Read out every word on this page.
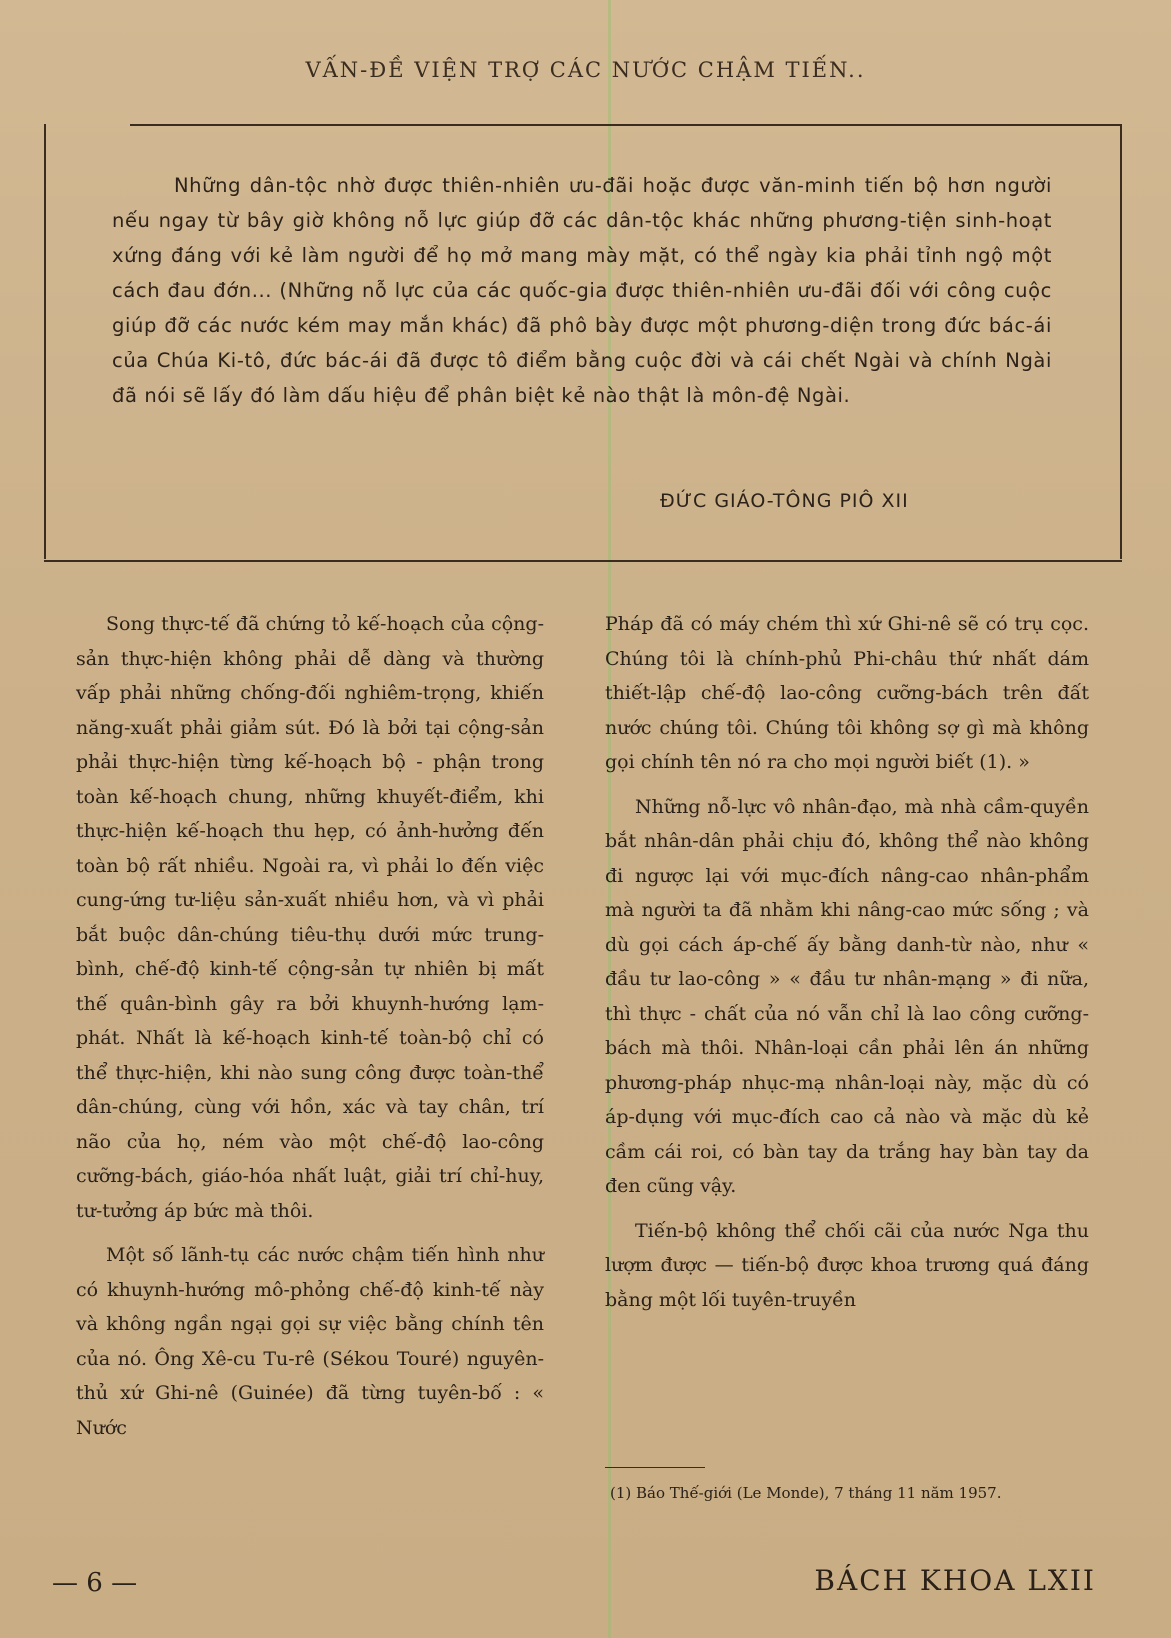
VẤN-ĐỀ VIỆN TRỢ CÁC NƯỚC CHẬM TIẾN..
Những dân-tộc nhờ được thiên-nhiên ưu-đãi hoặc được văn-minh tiến bộ hơn người nếu ngay từ bây giờ không nỗ lực giúp đỡ các dân-tộc khác những phương-tiện sinh-hoạt xứng đáng với kẻ làm người để họ mở mang mày mặt, có thể ngày kia phải tỉnh ngộ một cách đau đớn... (Những nỗ lực của các quốc-gia được thiên-nhiên ưu-đãi đối với công cuộc giúp đỡ các nước kém may mắn khác) đã phô bày được một phương-diện trong đức bác-ái của Chúa Ki-tô, đức bác-ái đã được tô điểm bằng cuộc đời và cái chết Ngài và chính Ngài đã nói sẽ lấy đó làm dấu hiệu để phân biệt kẻ nào thật là môn-đệ Ngài.
ĐỨC GIÁO-TÔNG PIÔ XII

Song thực-tế đã chứng tỏ kế-hoạch của cộng-sản thực-hiện không phải dễ dàng và thường vấp phải những chống-đối nghiêm-trọng, khiến năng-xuất phải giảm sút. Đó là bởi tại cộng-sản phải thực-hiện từng kế-hoạch bộ - phận trong toàn kế-hoạch chung, những khuyết-điểm, khi thực-hiện kế-hoạch thu hẹp, có ảnh-hưởng đến toàn bộ rất nhiều. Ngoài ra, vì phải lo đến việc cung-ứng tư-liệu sản-xuất nhiều hơn, và vì phải bắt buộc dân-chúng tiêu-thụ dưới mức trung-bình, chế-độ kinh-tế cộng-sản tự nhiên bị mất thế quân-bình gây ra bởi khuynh-hướng lạm-phát. Nhất là kế-hoạch kinh-tế toàn-bộ chỉ có thể thực-hiện, khi nào sung công được toàn-thể dân-chúng, cùng với hồn, xác và tay chân, trí não của họ, ném vào một chế-độ lao-công cưỡng-bách, giáo-hóa nhất luật, giải trí chỉ-huy, tư-tưởng áp bức mà thôi.

Một số lãnh-tụ các nước chậm tiến hình như có khuynh-hướng mô-phỏng chế-độ kinh-tế này và không ngần ngại gọi sự việc bằng chính tên của nó. Ông Xê-cu Tu-rê (Sékou Touré) nguyên-thủ xứ Ghi-nê (Guinée) đã từng tuyên-bố : « Nước

Pháp đã có máy chém thì xứ Ghi-nê sẽ có trụ cọc. Chúng tôi là chính-phủ Phi-châu thứ nhất dám thiết-lập chế-độ lao-công cưỡng-bách trên đất nước chúng tôi. Chúng tôi không sợ gì mà không gọi chính tên nó ra cho mọi người biết (1). »

Những nỗ-lực vô nhân-đạo, mà nhà cầm-quyền bắt nhân-dân phải chịu đó, không thể nào không đi ngược lại với mục-đích nâng-cao nhân-phẩm mà người ta đã nhằm khi nâng-cao mức sống ; và dù gọi cách áp-chế ấy bằng danh-từ nào, như « đầu tư lao-công » « đầu tư nhân-mạng » đi nữa, thì thực - chất của nó vẫn chỉ là lao công cưỡng-bách mà thôi. Nhân-loại cần phải lên án những phương-pháp nhục-mạ nhân-loại này, mặc dù có áp-dụng với mục-đích cao cả nào và mặc dù kẻ cầm cái roi, có bàn tay da trắng hay bàn tay da đen cũng vậy.

Tiến-bộ không thể chối cãi của nước Nga thu lượm được — tiến-bộ được khoa trương quá đáng bằng một lối tuyên-truyền

(1) Báo Thế-giới (Le Monde), 7 tháng 11 năm 1957.
— 6 —	BÁCH KHOA LXII
